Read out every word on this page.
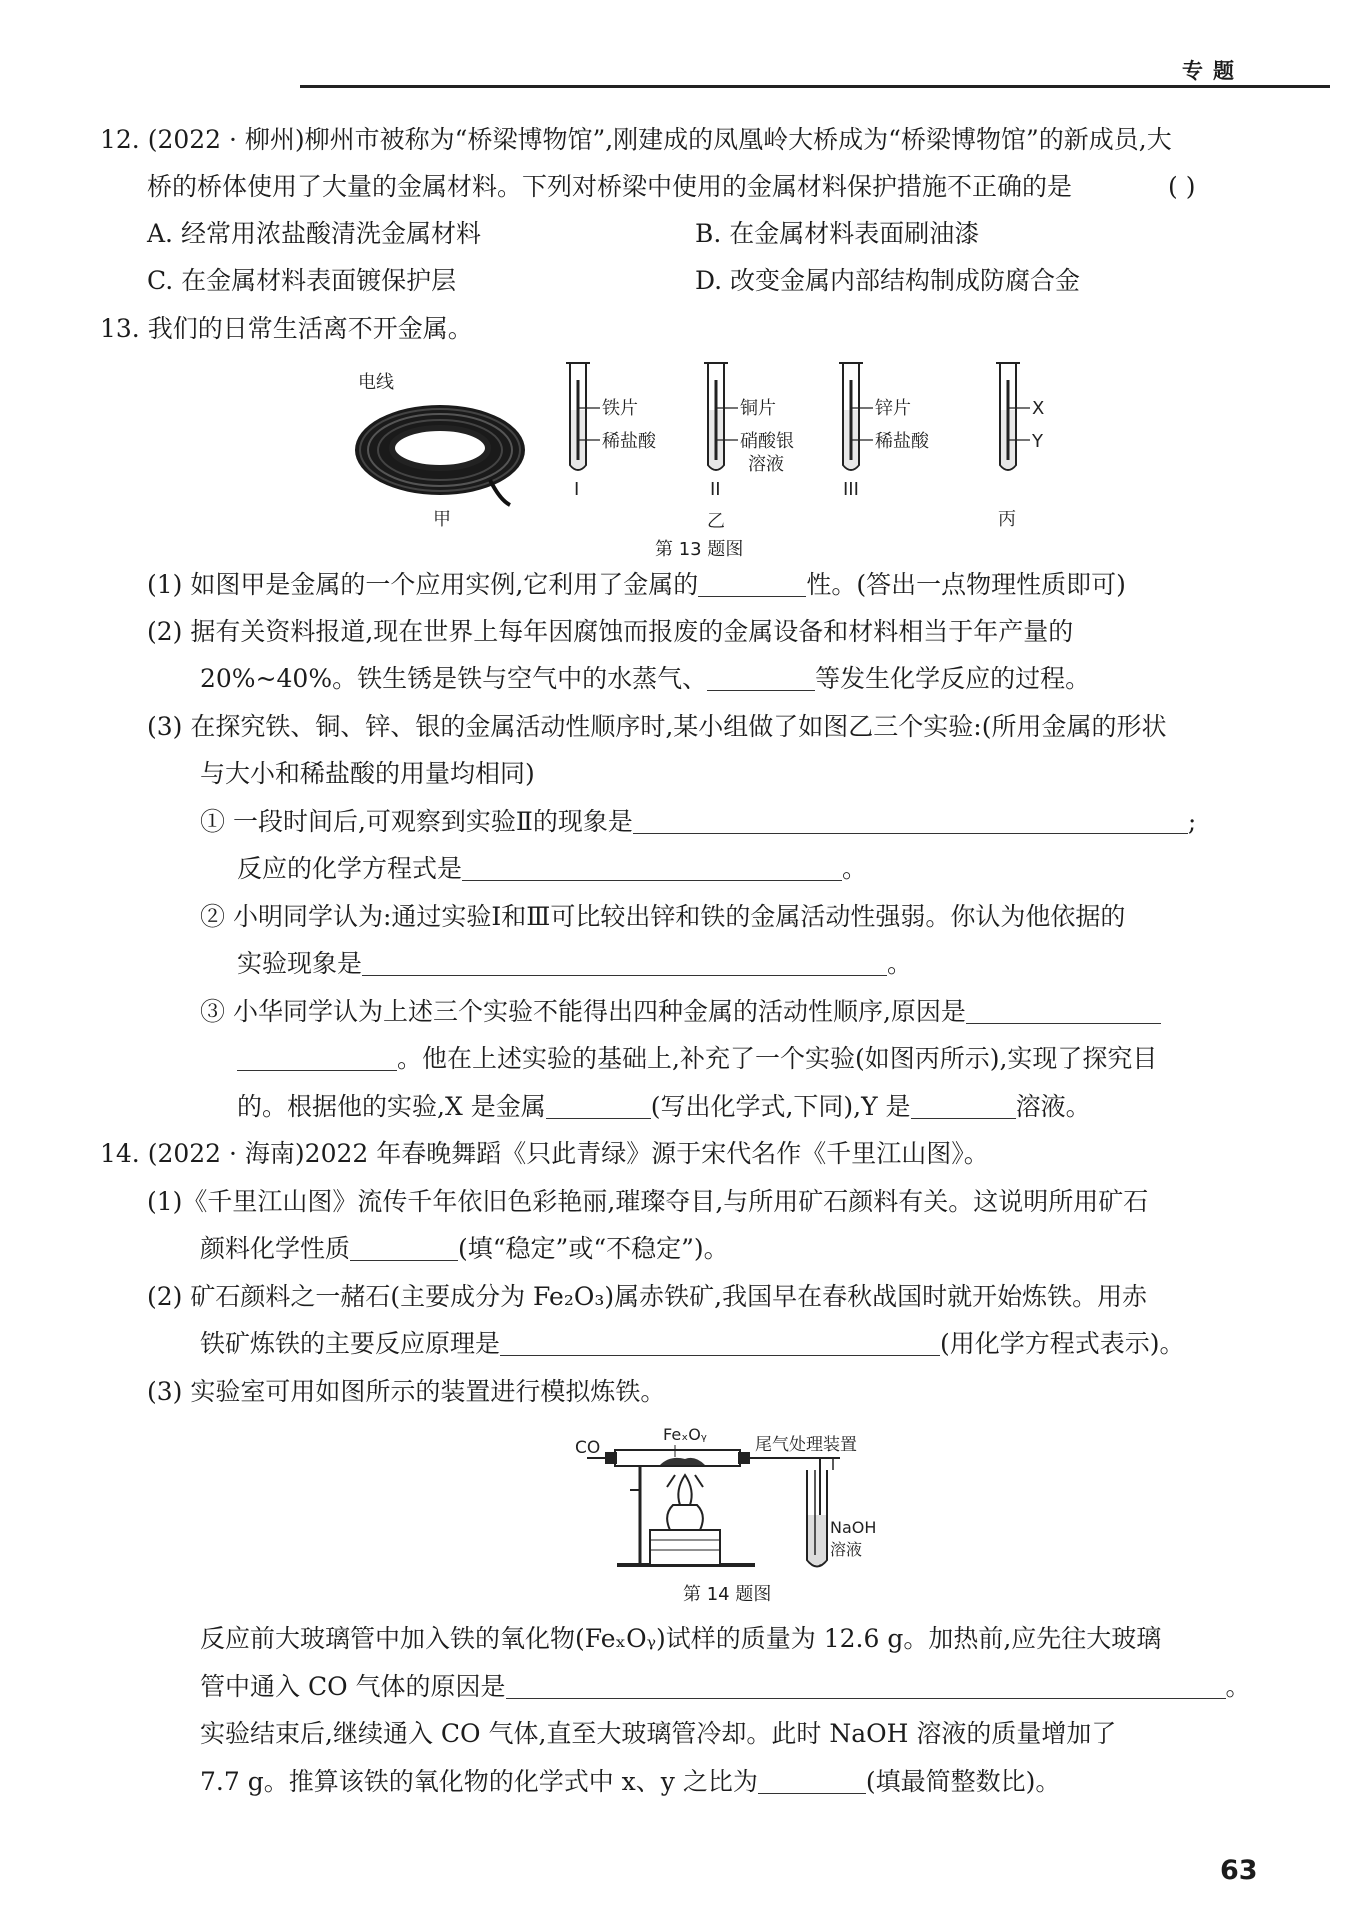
专题
12. (2022 · 柳州)柳州市被称为“桥梁博物馆”,刚建成的凤凰岭大桥成为“桥梁博物馆”的新成员,大
桥的桥体使用了大量的金属材料。下列对桥梁中使用的金属材料保护措施不正确的是	( )
A. 经常用浓盐酸清洗金属材料	B. 在金属材料表面刷油漆
C. 在金属材料表面镀保护层	D. 改变金属内部结构制成防腐合金
13. 我们的日常生活离不开金属。
电线
甲
铁片
稀盐酸
I
铜片
硝酸银
溶液
II
乙
锌片
稀盐酸
III
X
Y
丙
第 13 题图
(1) 如图甲是金属的一个应用实例,它利用了金属的	性。(答出一点物理性质即可)
(2) 据有关资料报道,现在世界上每年因腐蚀而报废的金属设备和材料相当于年产量的
20%~40%。铁生锈是铁与空气中的水蒸气、	等发生化学反应的过程。
(3) 在探究铁、铜、锌、银的金属活动性顺序时,某小组做了如图乙三个实验:(所用金属的形状
与大小和稀盐酸的用量均相同)
① 一段时间后,可观察到实验Ⅱ的现象是	;
反应的化学方程式是	。
② 小明同学认为:通过实验Ⅰ和Ⅲ可比较出锌和铁的金属活动性强弱。你认为他依据的
实验现象是	。
③ 小华同学认为上述三个实验不能得出四种金属的活动性顺序,原因是
。他在上述实验的基础上,补充了一个实验(如图丙所示),实现了探究目
的。根据他的实验,X 是金属	(写出化学式,下同),Y 是	溶液。
14. (2022 · 海南)2022 年春晚舞蹈《只此青绿》源于宋代名作《千里江山图》。
(1)《千里江山图》流传千年依旧色彩艳丽,璀璨夺目,与所用矿石颜料有关。这说明所用矿石
颜料化学性质	(填“稳定”或“不稳定”)。
(2) 矿石颜料之一赭石(主要成分为 Fe₂O₃)属赤铁矿,我国早在春秋战国时就开始炼铁。用赤
铁矿炼铁的主要反应原理是	(用化学方程式表示)。
(3) 实验室可用如图所示的装置进行模拟炼铁。
CO
FeₓOᵧ
尾气处理装置
NaOH
溶液
第 14 题图
反应前大玻璃管中加入铁的氧化物(FeₓOᵧ)试样的质量为 12.6 g。加热前,应先往大玻璃
管中通入 CO 气体的原因是	。
实验结束后,继续通入 CO 气体,直至大玻璃管冷却。此时 NaOH 溶液的质量增加了
7.7 g。推算该铁的氧化物的化学式中 x、y 之比为	(填最简整数比)。
63
